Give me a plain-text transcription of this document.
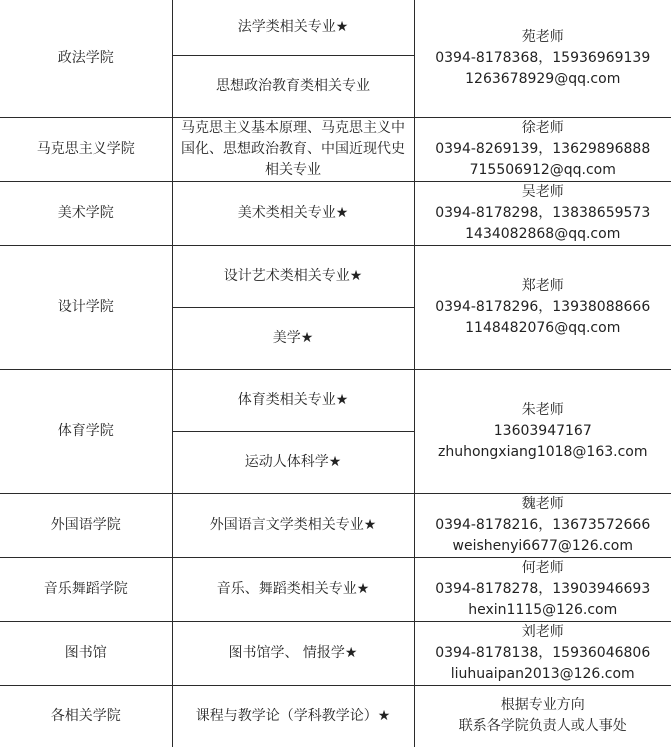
政法学院	法学类相关专业★	苑老师
0394-8178368，15936969139
1263678929@qq.com

	思想政治教育类相关专业	
马克思主义学院	马克思主义基本原理、马克思主义中国化、思想政治教育、中国近现代史相关专业	徐老师
0394-8269139，13629896888
715506912@qq.com

美术学院	美术类相关专业★	吴老师
0394-8178298，13838659573
1434082868@qq.com

设计学院	设计艺术类相关专业★	郑老师
0394-8178296，13938088666
1148482076@qq.com

	美学★	
体育学院	体育类相关专业★	朱老师
13603947167
zhuhongxiang1018@163.com

	运动人体科学★	
外国语学院	外国语言文学类相关专业★	魏老师
0394-8178216，13673572666
weishenyi6677@126.com

音乐舞蹈学院	音乐、舞蹈类相关专业★	何老师
0394-8178278，13903946693
hexin1115@126.com

图书馆	图书馆学、 情报学★	刘老师
0394-8178138，15936046806
liuhuaipan2013@126.com

各相关学院	课程与教学论（学科教学论）★	根据专业方向
联系各学院负责人或人事处
